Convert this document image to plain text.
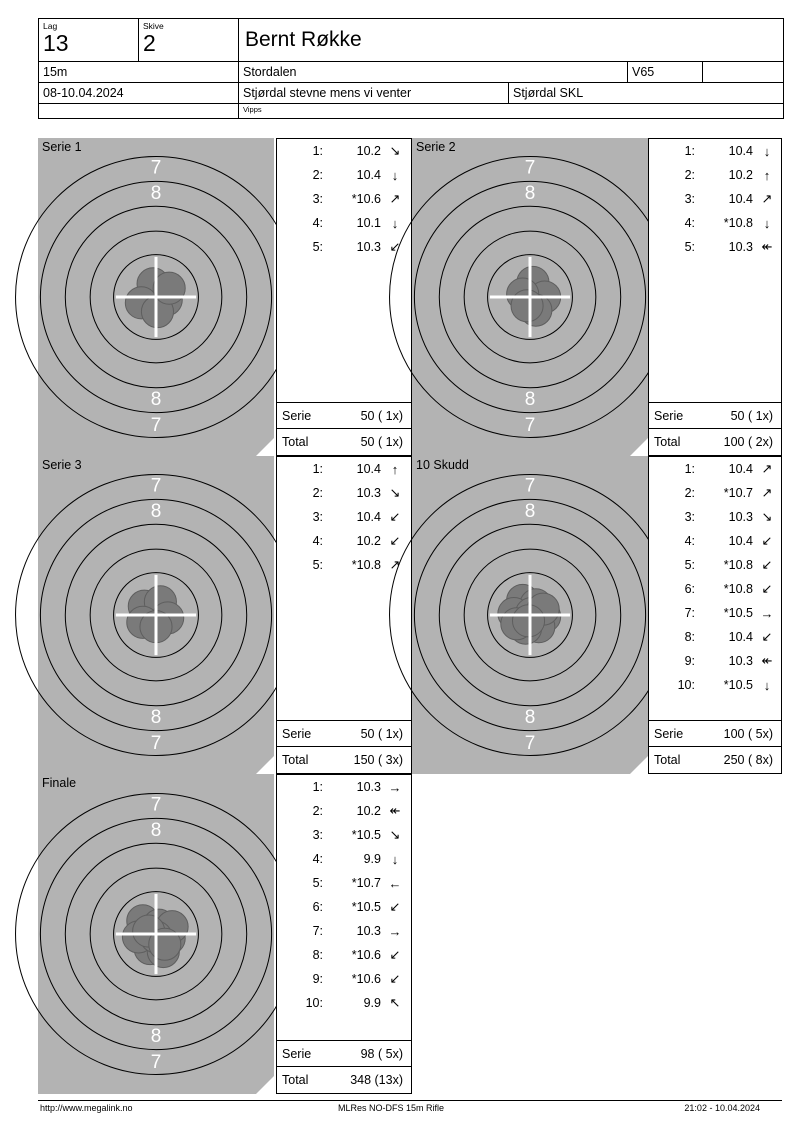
Lag
13
Skive
2	Bernt Røkke
15m	Stordalen	V65
08-10.04.2024	Stjørdal stevne mens vi venter	Stjørdal SKL
Vipps
7
7
8
8
8
Serie 1	1:	10.2 ↘
2:	10.4 ↓
3:	*10.6 ↗
4:	10.1 ↓
5:	10.3 ↙
Serie	50 ( 1x)
Total	50 ( 1x)
7
7
8
8
8
Serie 2	1:	10.4 ↓
2:	10.2 ↑
3:	10.4 ↗
4:	*10.8 ↓
5:	10.3 ↞
Serie	50 ( 1x)
Total	100 ( 2x)
7
7
8
8
8
Serie 3	1:	10.4 ↑
2:	10.3 ↘
3:	10.4 ↙
4:	10.2 ↙
5:	*10.8 ↗
Serie	50 ( 1x)
Total	150 ( 3x)
7
7
8
8
8
10 Skudd	1:	10.4 ↗
2:	*10.7 ↗
3:	10.3 ↘
4:	10.4 ↙
5:	*10.8 ↙
6:	*10.8 ↙
7:	*10.5 →
8:	10.4 ↙
9:	10.3 ↞
10:	*10.5 ↓
Serie	100 ( 5x)
Total	250 ( 8x)
7
7
8
8
8
Finale	1:	10.3 →
2:	10.2 ↞
3:	*10.5 ↘
4:	9.9 ↓
5:	*10.7 ←
6:	*10.5 ↙
7:	10.3 →
8:	*10.6 ↙
9:	*10.6 ↙
10:	9.9 ↖
Serie	98 ( 5x)
Total	348 (13x)
http://www.megalink.no	MLRes NO-DFS 15m Rifle	21:02 - 10.04.2024
